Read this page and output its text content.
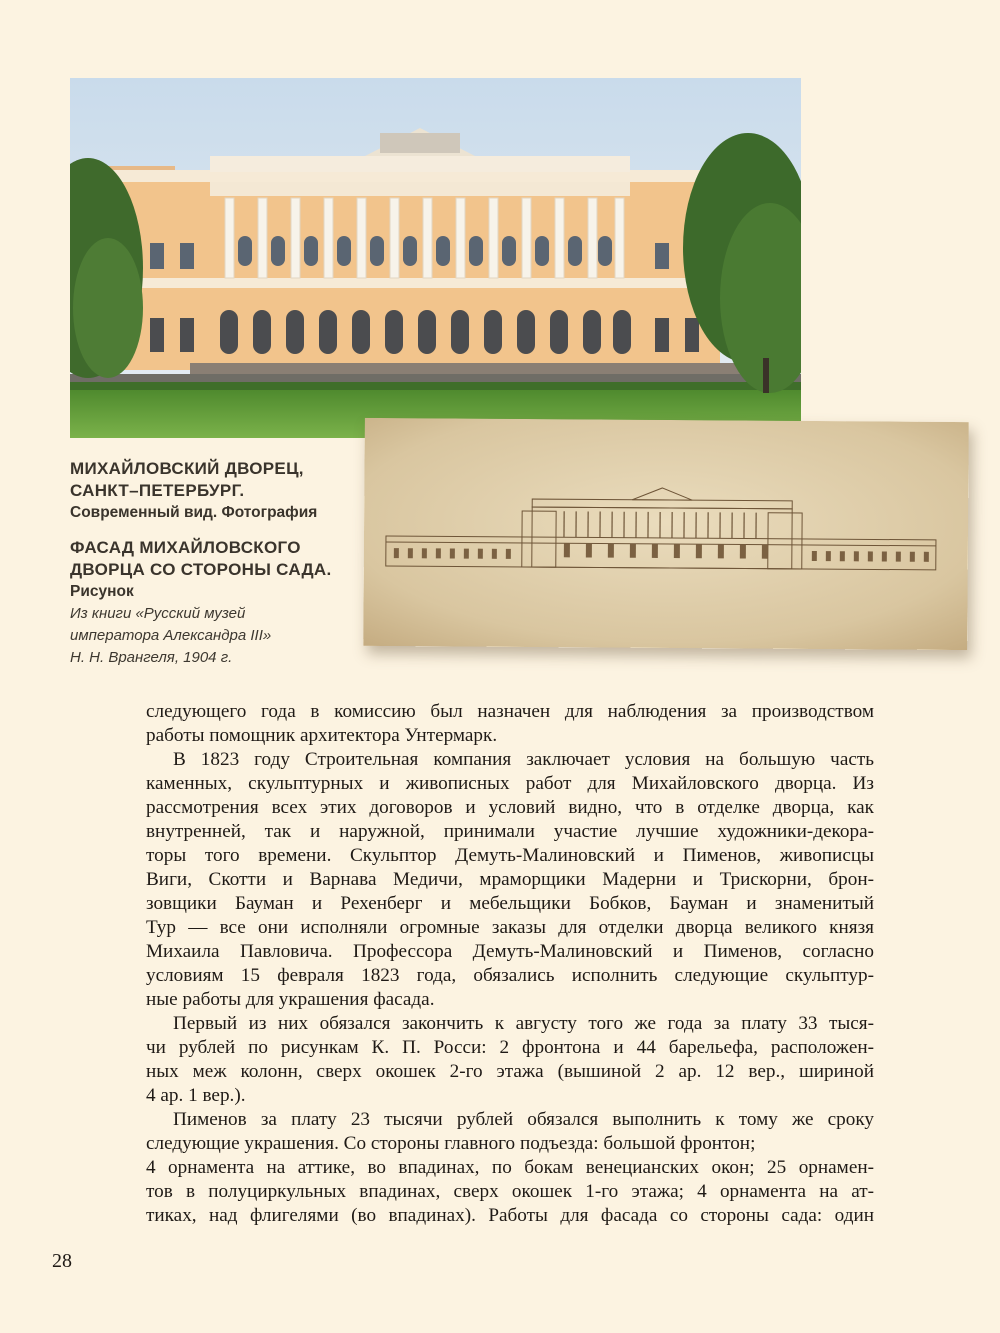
МИХАЙЛОВСКИЙ ДВОРЕЦ,
САНКТ–ПЕТЕРБУРГ.
Современный вид. Фотография
ФАСАД МИХАЙЛОВСКОГО
ДВОРЦА СО СТОРОНЫ САДА.
Рисунок
Из книги «Русский музей
императора Александра III»
Н. Н. Врангеля, 1904 г.
следующего года в комиссию был назначен для наблюдения за производством
работы помощник архитектора Унтермарк.
В 1823 году Строительная компания заключает условия на большую часть
каменных, скульптурных и живописных работ для Михайловского дворца. Из
рассмотрения всех этих договоров и условий видно, что в отделке дворца, как
внутренней, так и наружной, принимали участие лучшие художники-декора-
торы того времени. Скульптор Демуть-Малиновский и Пименов, живописцы
Виги, Скотти и Варнава Медичи, мраморщики Мадерни и Трискорни, брон-
зовщики Бауман и Рехенберг и мебельщики Бобков, Бауман и знаменитый
Тур — все они исполняли огромные заказы для отделки дворца великого князя
Михаила Павловича. Профессора Демуть-Малиновский и Пименов, согласно
условиям 15 февраля 1823 года, обязались исполнить следующие скульптур-
ные работы для украшения фасада.
Первый из них обязался закончить к августу того же года за плату 33 тыся-
чи рублей по рисункам К. П. Росси: 2 фронтона и 44 барельефа, расположен-
ных меж колонн, сверх окошек 2-го этажа (вышиной 2 ар. 12 вер., шириной
4 ар. 1 вер.).
Пименов за плату 23 тысячи рублей обязался выполнить к тому же сроку
следующие украшения. Со стороны главного подъезда: большой фронтон;
4 орнамента на аттике, во впадинах, по бокам венецианских окон; 25 орнамен-
тов в полуциркульных впадинах, сверх окошек 1-го этажа; 4 орнамента на ат-
тиках, над флигелями (во впадинах). Работы для фасада со стороны сада: один
28
